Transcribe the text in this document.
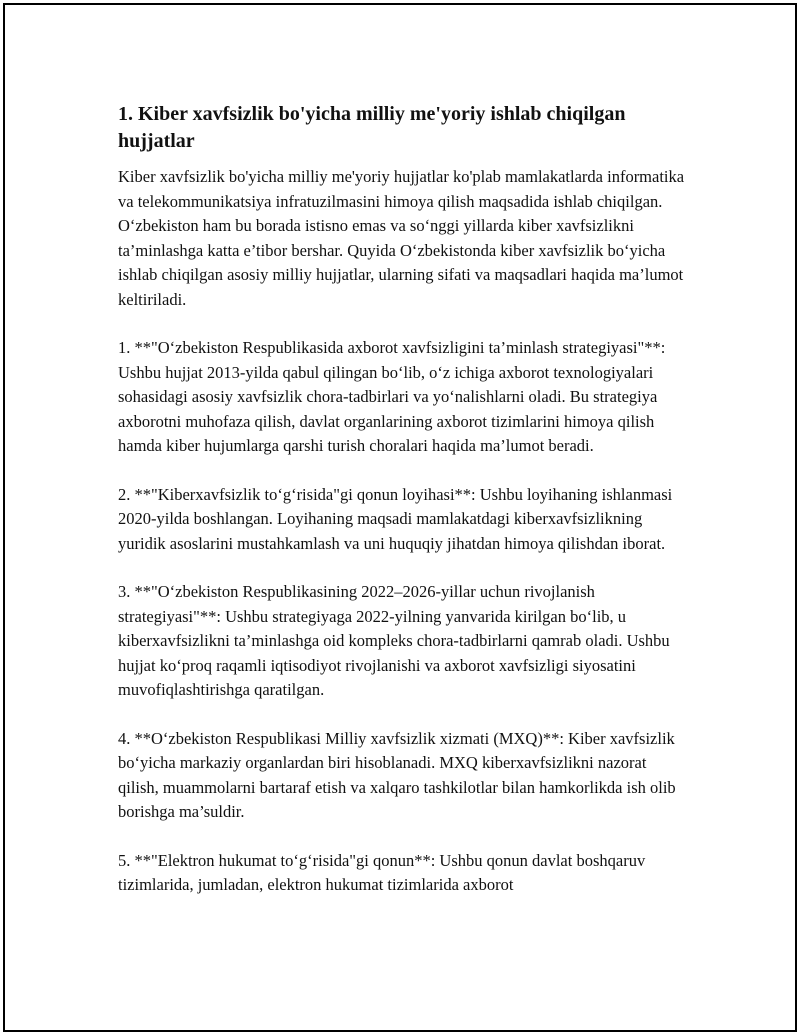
1. Kiber xavfsizlik bo'yicha milliy me'yoriy ishlab chiqilgan hujjatlar

Kiber xavfsizlik bo'yicha milliy me'yoriy hujjatlar ko'plab mamlakatlarda informatika va telekommunikatsiya infratuzilmasini himoya qilish maqsadida ishlab chiqilgan. O‘zbekiston ham bu borada istisno emas va so‘nggi yillarda kiber xavfsizlikni ta’minlashga katta e’tibor bershar. Quyida O‘zbekistonda kiber xavfsizlik bo‘yicha ishlab chiqilgan asosiy milliy hujjatlar, ularning sifati va maqsadlari haqida ma’lumot keltiriladi.

1. **"O‘zbekiston Respublikasida axborot xavfsizligini ta’minlash strategiyasi"**: Ushbu hujjat 2013-yilda qabul qilingan bo‘lib, o‘z ichiga axborot texnologiyalari sohasidagi asosiy xavfsizlik chora-tadbirlari va yo‘nalishlarni oladi. Bu strategiya axborotni muhofaza qilish, davlat organlarining axborot tizimlarini himoya qilish hamda kiber hujumlarga qarshi turish choralari haqida ma’lumot beradi.

2. **"Kiberxavfsizlik to‘g‘risida"gi qonun loyihasi**: Ushbu loyihaning ishlanmasi 2020-yilda boshlangan. Loyihaning maqsadi mamlakatdagi kiberxavfsizlikning yuridik asoslarini mustahkamlash va uni huquqiy jihatdan himoya qilishdan iborat.

3. **"O‘zbekiston Respublikasining 2022–2026-yillar uchun rivojlanish strategiyasi"**: Ushbu strategiyaga 2022-yilning yanvarida kirilgan bo‘lib, u kiberxavfsizlikni ta’minlashga oid kompleks chora-tadbirlarni qamrab oladi. Ushbu hujjat ko‘proq raqamli iqtisodiyot rivojlanishi va axborot xavfsizligi siyosatini muvofiqlashtirishga qaratilgan.

4. **O‘zbekiston Respublikasi Milliy xavfsizlik xizmati (MXQ)**: Kiber xavfsizlik bo‘yicha markaziy organlardan biri hisoblanadi. MXQ kiberxavfsizlikni nazorat qilish, muammolarni bartaraf etish va xalqaro tashkilotlar bilan hamkorlikda ish olib borishga ma’suldir.

5. **"Elektron hukumat to‘g‘risida"gi qonun**: Ushbu qonun davlat boshqaruv tizimlarida, jumladan, elektron hukumat tizimlarida axborot
